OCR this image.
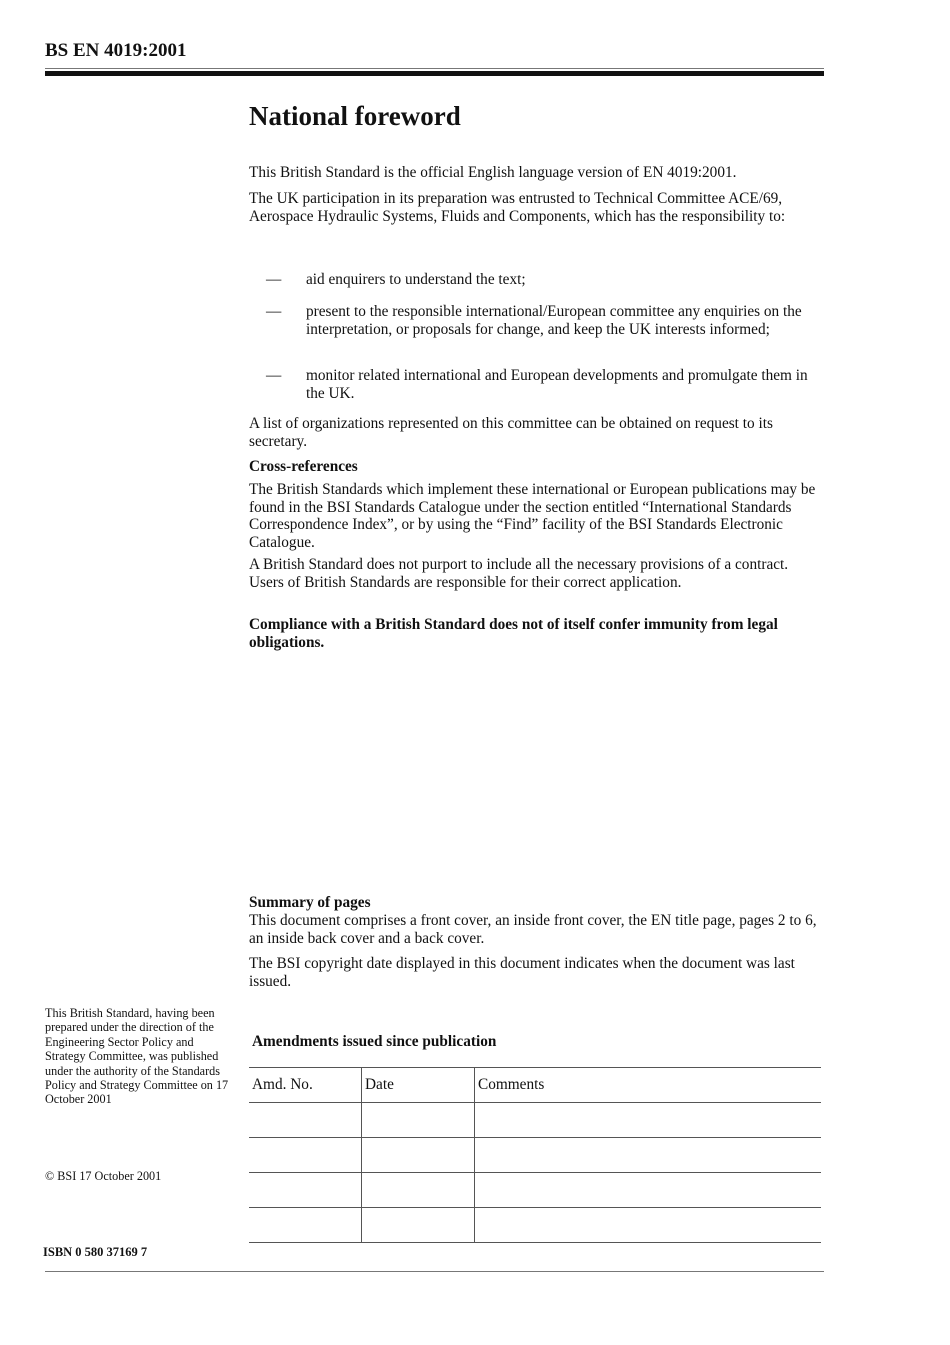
BS EN 4019:2001
National foreword

This British Standard is the official English language version of EN 4019:2001.

The UK participation in its preparation was entrusted to Technical Committee ACE/69, Aerospace Hydraulic Systems, Fluids and Components, which has the responsibility to:

— aid enquirers to understand the text;
— present to the responsible international/European committee any enquiries on the interpretation, or proposals for change, and keep the UK interests informed;
— monitor related international and European developments and promulgate them in the UK.

A list of organizations represented on this committee can be obtained on request to its secretary.

Cross-references

The British Standards which implement these international or European publications may be found in the BSI Standards Catalogue under the section entitled “International Standards Correspondence Index”, or by using the “Find” facility of the BSI Standards Electronic Catalogue.

A British Standard does not purport to include all the necessary provisions of a contract. Users of British Standards are responsible for their correct application.

Compliance with a British Standard does not of itself confer immunity from legal obligations.

Summary of pages

This document comprises a front cover, an inside front cover, the EN title page, pages 2 to 6, an inside back cover and a back cover.

The BSI copyright date displayed in this document indicates when the document was last issued.

This British Standard, having been prepared under the direction of the Engineering Sector Policy and Strategy Committee, was published under the authority of the Standards Policy and Strategy Committee on 17 October 2001
© BSI 17 October 2001
Amendments issued since publication
Amd. No.	Date	Comments

ISBN 0 580 37169 7
